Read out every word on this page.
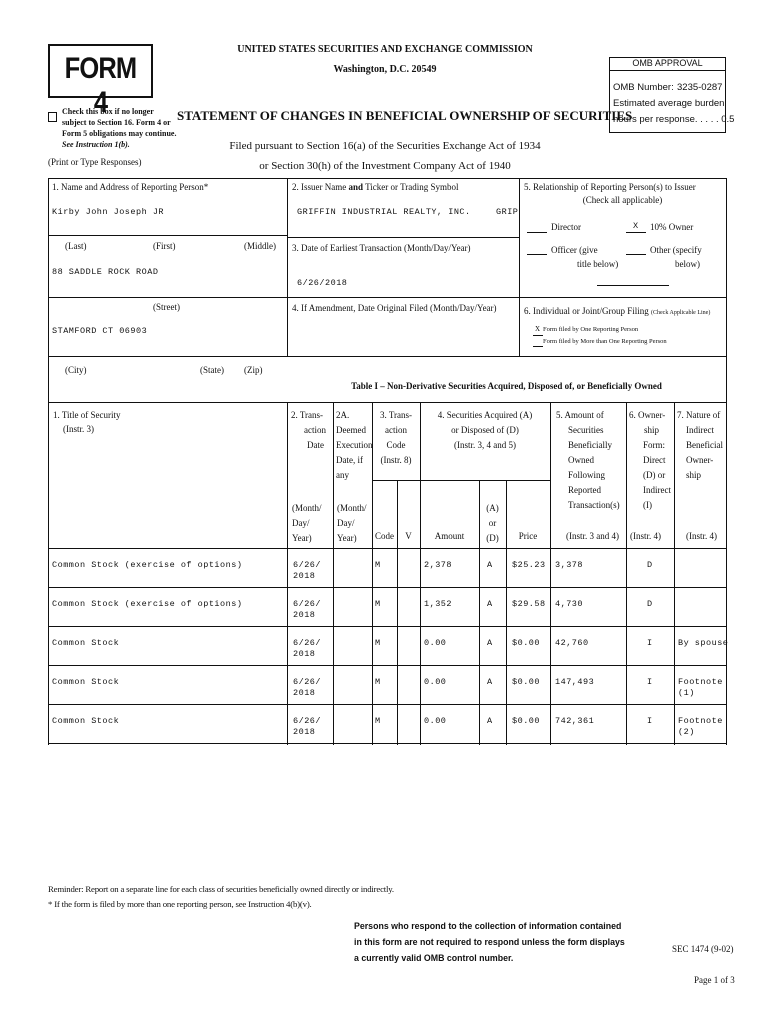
FORM 4
UNITED STATES SECURITIES AND EXCHANGE COMMISSION
Washington, D.C. 20549
OMB APPROVAL
OMB Number: 3235-0287
Estimated average burden
hours per response. . . . . 0.5
Check this box if no longer
subject to Section 16. Form 4 or
Form 5 obligations may continue.
See Instruction 1(b).
(Print or Type Responses)
STATEMENT OF CHANGES IN BENEFICIAL OWNERSHIP OF SECURITIES
Filed pursuant to Section 16(a) of the Securities Exchange Act of 1934
or Section 30(h) of the Investment Company Act of 1940
1. Name and Address of Reporting Person*
Kirby John Joseph JR
(Last)	(First)	(Middle)
88 SADDLE ROCK ROAD
(Street)
STAMFORD CT 06903
(City)	(State) (Zip)
2. Issuer Name and Ticker or Trading Symbol
GRIFFIN INDUSTRIAL REALTY, INC.	GRIP
3. Date of Earliest Transaction (Month/Day/Year)
6/26/2018
4. If Amendment, Date Original Filed (Month/Day/Year)
5. Relationship of Reporting Person(s) to Issuer
(Check all applicable)
Director	X 10% Owner
Officer (give
title below)
Other (specify
below)
6. Individual or Joint/Group Filing (Check Applicable Line)
X Form filed by One Reporting Person
Form filed by More than One Reporting Person
Table I – Non-Derivative Securities Acquired, Disposed of, or Beneficially Owned
1. Title of Security
(Instr. 3)
2. Trans-
action
Date
(Month/
Day/
Year)
2A.
Deemed
Execution
Date, if
any
(Month/
Day/
Year)
3. Trans-
action
Code
(Instr. 8)
Code	V
4. Securities Acquired (A)
or Disposed of (D)
(Instr. 3, 4 and 5)
Amount
(A)
or
(D)	Price
5. Amount of
Securities
Beneficially
Owned
Following
Reported
Transaction(s)
(Instr. 3 and 4)
6. Owner-
ship
Form:
Direct
(D) or
Indirect
(I)
(Instr. 4)
7. Nature of
Indirect
Beneficial
Owner-
ship
(Instr. 4)
Common Stock (exercise of options)	6/26/
2018
M	2,378	A $25.23 3,378	D
Common Stock (exercise of options)	6/26/
2018
M	1,352	A $29.58 4,730	D
Common Stock	6/26/
2018
M	0.00	A $0.00 42,760	I	By spouse
Common Stock	6/26/
2018
M	0.00	A $0.00 147,493	I	Footnote
(1)
Common Stock	6/26/
2018
M	0.00	A $0.00 742,361	I	Footnote
(2)
Reminder: Report on a separate line for each class of securities beneficially owned directly or indirectly.
* If the form is filed by more than one reporting person, see Instruction 4(b)(v).
Persons who respond to the collection of information contained
in this form are not required to respond unless the form displays
a currently valid OMB control number.
SEC 1474 (9-02)
Page 1 of 3
